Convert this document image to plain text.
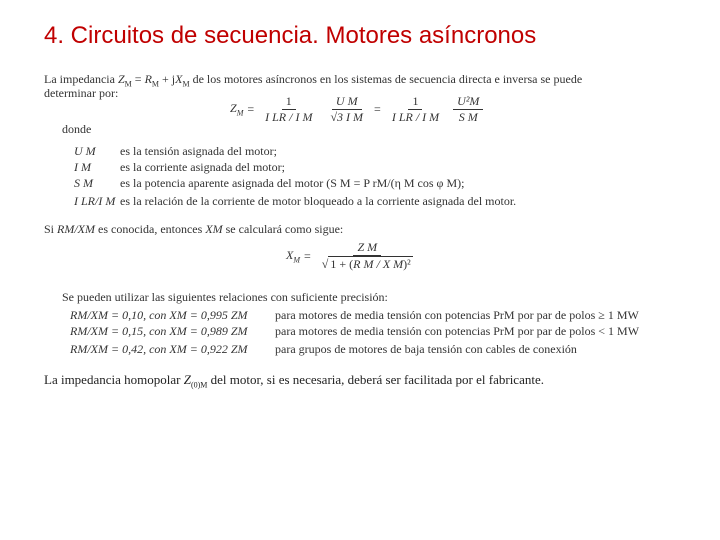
4. Circuitos de secuencia. Motores asíncronos
La impedancia $Z_M = R_M + jX_M$ de los motores asíncronos en los sistemas de secuencia directa e inversa se puede
determinar por:
$Z_M = \frac{1}{\text{I LR / I M}} \frac{\text{U M}}{\text{√3 I M}} = \frac{1}{\text{I LR / I M}} \frac{\text{U²M}}{\text{S M}}$
donde
U M	es la tensión asignada del motor;
I M	es la corriente asignada del motor;
S M	es la potencia aparente asignada del motor (S M = P rM/(η M cos φ M);
I LR/I M es la relación de la corriente de motor bloqueado a la corriente asignada del motor.
Si RM/XM es conocida, entonces XM se calculará como sigue:
$X_M = \frac{\text{Z M}}{\text{√ 1 + (R M / X M)²}}$
Se pueden utilizar las siguientes relaciones con suficiente precisión:
RM/XM = 0,10, con XM = 0,995 ZM	para motores de media tensión con potencias PrM por par de polos ≥ 1 MW
RM/XM = 0,15, con XM = 0,989 ZM	para motores de media tensión con potencias PrM por par de polos < 1 MW
RM/XM = 0,42, con XM = 0,922 ZM	para grupos de motores de baja tensión con cables de conexión
La impedancia homopolar $Z_{(0)M}$ del motor, si es necesaria, deberá ser facilitada por el fabricante.
